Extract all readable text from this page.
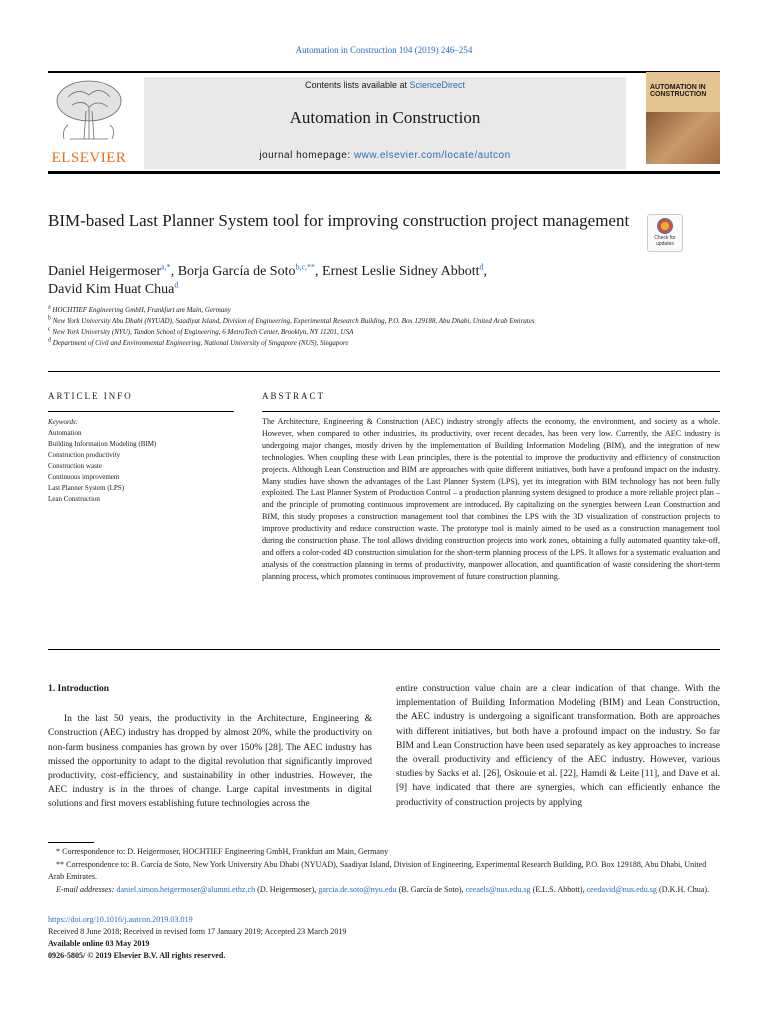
Automation in Construction 104 (2019) 246–254
ELSEVIER
Contents lists available at ScienceDirect
Automation in Construction
journal homepage: www.elsevier.com/locate/autcon
AUTOMATION IN CONSTRUCTION
BIM-based Last Planner System tool for improving construction project management
Check for updates
Daniel Heigermoser$^{a,*}$, Borja García de Soto$^{b,c,**}$, Ernest Leslie Sidney Abbott$^d$,
David Kim Huat Chua$^d$

$^a$ HOCHTIEF Engineering GmbH, Frankfurt am Main, Germany

$^b$ New York University Abu Dhabi (NYUAD), Saadiyat Island, Division of Engineering, Experimental Research Building, P.O. Box 129188, Abu Dhabi, United Arab Emirates

$^c$ New York University (NYU), Tandon School of Engineering, 6 MetroTech Center, Brooklyn, NY 11201, USA

$^d$ Department of Civil and Environmental Engineering, National University of Singapore (NUS), Singapore

ARTICLE INFO	ABSTRACT
Keywords:
Automation
Building Information Modeling (BIM)
Construction productivity
Construction waste
Continuous improvement
Last Planner System (LPS)
Lean Construction
The Architecture, Engineering & Construction (AEC) industry strongly affects the economy, the environment, and society as a whole. However, when compared to other industries, its productivity, over recent decades, has been very low. Currently, the AEC industry is undergoing major changes, mostly driven by the implementation of Building Information Modeling (BIM), and the integration of new technologies. When coupling these with Lean principles, there is the potential to improve the productivity and efficiency of construction projects. Although Lean Construction and BIM are approaches with quite different initiatives, both have a profound impact on the industry. Many studies have shown the advantages of the Last Planner System (LPS), yet its integration with BIM technology has not been fully exploited. The Last Planner System of Production Control – a production planning system designed to produce a more reliable project plan – and the principle of promoting continuous improvement are introduced. By capitalizing on the synergies between Lean Construction and BIM, this study proposes a construction management tool that combines the LPS with the 3D visualization of construction projects to improve productivity and reduce construction waste. The prototype tool is mainly aimed to be used as a construction management tool during the construction phase. The tool allows dividing construction projects into work zones, obtaining a fully automated quantity take-off, and offers a color-coded 4D construction simulation for the short-term planning process of the LPS. It allows for a systematic evaluation and analysis of the construction planning in terms of productivity, manpower allocation, and quantification of waste considering the short-term planning process, which promotes continuous improvement of future construction planning.
1. Introduction
In the last 50 years, the productivity in the Architecture, Engineering & Construction (AEC) industry has dropped by almost 20%, while the productivity on non-farm business companies has grown by over 150% [28]. The AEC industry has missed the opportunity to adapt to the digital revolution that significantly improved productivity, cost-efficiency, and sustainability in other industries. However, the AEC industry is in the throes of change. Large capital investments in digital solutions and first movers establishing future technologies across the
entire construction value chain are a clear indication of that change. With the implementation of Building Information Modeling (BIM) and Lean Construction, the AEC industry is undergoing a significant transformation. Both are approaches with different initiatives, but both have a profound impact on the industry. So far BIM and Lean Construction have been used separately as key approaches to increase the overall productivity and efficiency of the AEC industry. However, various studies by Sacks et al. [26], Oskouie et al. [22], Hamdi & Leite [11], and Dave et al. [9] have indicated that there are synergies, which can efficiently enhance the productivity of construction projects by applying

* Correspondence to: D. Heigermoser, HOCHTIEF Engineering GmbH, Frankfurt am Main, Germany

** Correspondence to: B. García de Soto, New York University Abu Dhabi (NYUAD), Saadiyat Island, Division of Engineering, Experimental Research Building, P.O. Box 129188, Abu Dhabi, United Arab Emirates.

E-mail addresses: daniel.simon.heigermoser@alumni.ethz.ch (D. Heigermoser), garcia.de.soto@nyu.edu (B. García de Soto), ceeaels@nus.edu.sg (E.L.S. Abbott), ceedavid@nus.edu.sg (D.K.H. Chua).

https://doi.org/10.1016/j.autcon.2019.03.019

Received 8 June 2018; Received in revised form 17 January 2019; Accepted 23 March 2019

Available online 03 May 2019

0926-5805/ © 2019 Elsevier B.V. All rights reserved.
